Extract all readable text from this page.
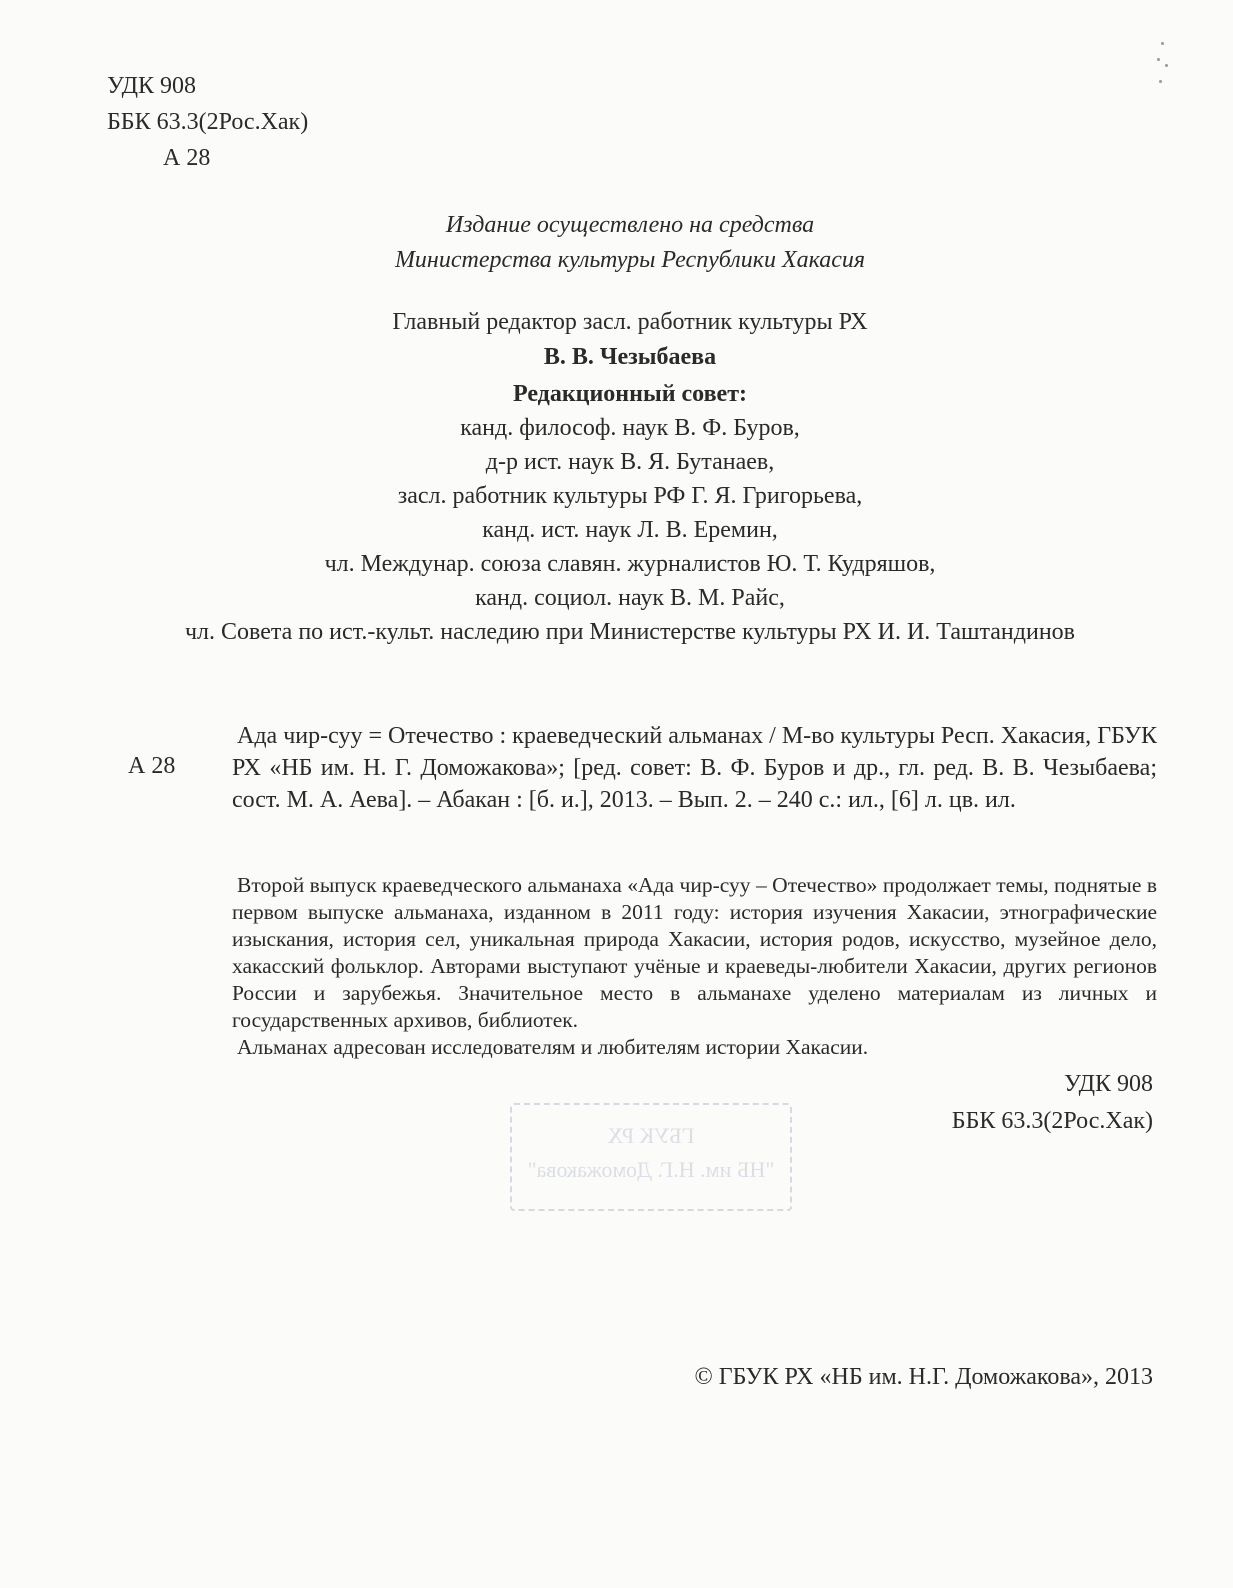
УДК 908
ББК 63.3(2Рос.Хак)
А 28
Издание осуществлено на средства
Министерства культуры Республики Хакасия
Главный редактор засл. работник культуры РХ
В. В. Чезыбаева
Редакционный совет:
канд. философ. наук В. Ф. Буров,
д-р ист. наук В. Я. Бутанаев,
засл. работник культуры РФ Г. Я. Григорьева,
канд. ист. наук Л. В. Еремин,
чл. Междунар. союза славян. журналистов Ю. Т. Кудряшов,
канд. социол. наук В. М. Райс,
чл. Совета по ист.-культ. наследию при Министерстве культуры РХ И. И. Таштандинов
А 28
Ада чир-суу = Отечество : краеведческий альманах / М-во культуры Респ. Хакасия, ГБУК РХ «НБ им. Н. Г. Доможакова»; [ред. совет: В. Ф. Буров и др., гл. ред. В. В. Чезыбаева; сост. М. А. Аева]. – Абакан : [б. и.], 2013. – Вып. 2. – 240 с.: ил., [6] л. цв. ил.

Второй выпуск краеведческого альманаха «Ада чир-суу – Отечество» продолжает темы, поднятые в первом выпуске альманаха, изданном в 2011 году: история изучения Хакасии, этнографические изыскания, история сел, уникальная природа Хакасии, история родов, искусство, музейное дело, хакасский фольклор. Авторами выступают учёные и краеведы-любители Хакасии, других регионов России и зарубежья. Значительное место в альманахе уделено материалам из личных и государственных архивов, библиотек.

Альманах адресован исследователям и любителям истории Хакасии.

УДК 908
ББК 63.3(2Рос.Хак)
ГБУК РХ
"НБ им. Н.Г. Доможакова"
© ГБУК РХ «НБ им. Н.Г. Доможакова», 2013
